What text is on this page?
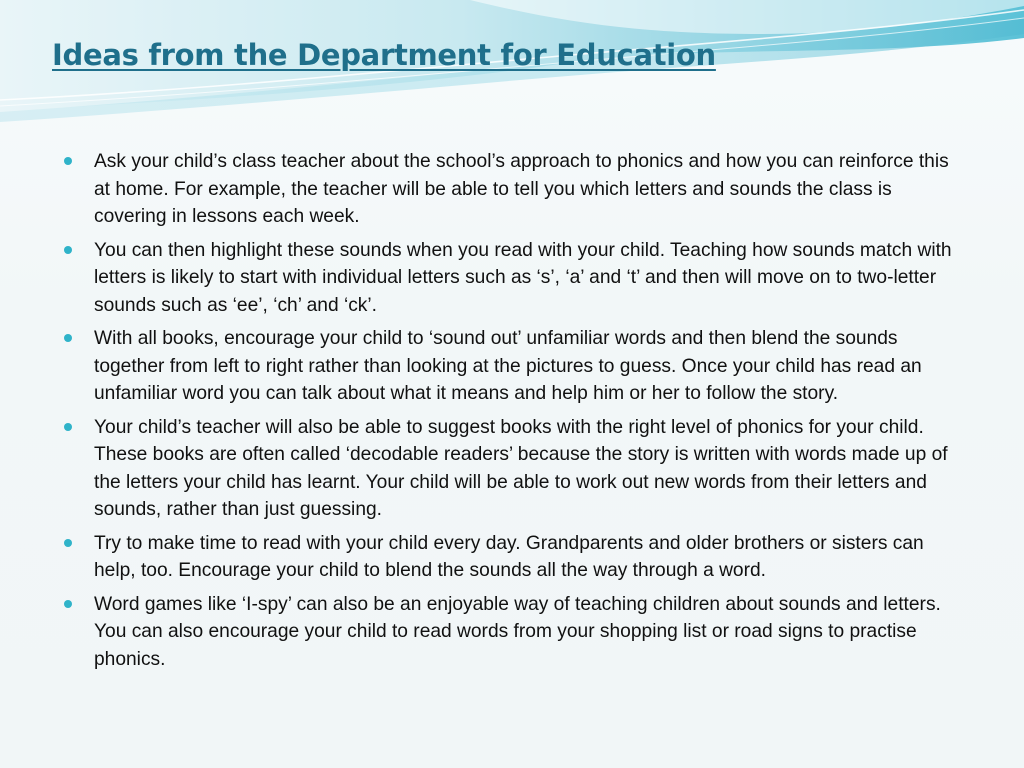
Ideas from the Department for Education
Ask your child’s class teacher about the school’s approach to phonics and how you can reinforce this at home. For example, the teacher will be able to tell you which letters and sounds the class is covering in lessons each week.
You can then highlight these sounds when you read with your child. Teaching how sounds match with letters is likely to start with individual letters such as ‘s’, ‘a’ and ‘t’ and then will move on to two-letter sounds such as ‘ee’, ‘ch’ and ‘ck’.
With all books, encourage your child to ‘sound out’ unfamiliar words and then blend the sounds together from left to right rather than looking at the pictures to guess. Once your child has read an unfamiliar word you can talk about what it means and help him or her to follow the story.
Your child’s teacher will also be able to suggest books with the right level of phonics for your child. These books are often called ‘decodable readers’ because the story is written with words made up of the letters your child has learnt. Your child will be able to work out new words from their letters and sounds, rather than just guessing.
Try to make time to read with your child every day. Grandparents and older brothers or sisters can help, too. Encourage your child to blend the sounds all the way through a word.
Word games like ‘I-spy’ can also be an enjoyable way of teaching children about sounds and letters. You can also encourage your child to read words from your shopping list or road signs to practise phonics.
